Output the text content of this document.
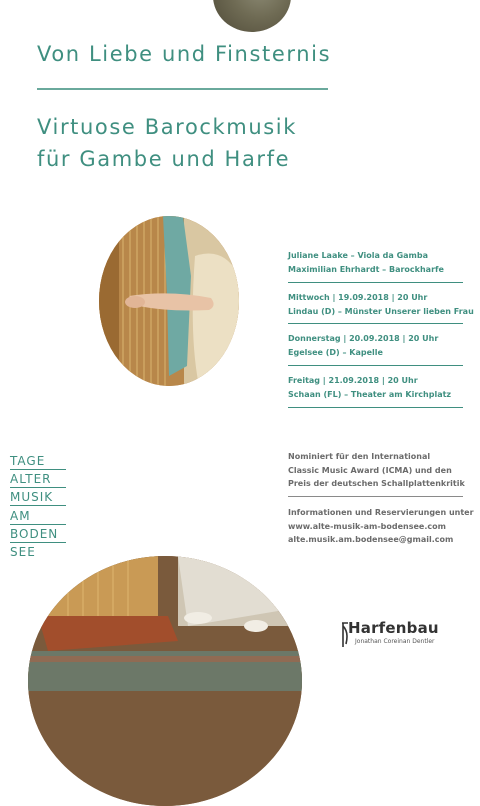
Von Liebe und Finsternis
Virtuose Barockmusik
für Gambe und Harfe
Juliane Laake – Viola da Gamba
Maximilian Ehrhardt – Barockharfe
Mittwoch | 19.09.2018 | 20 Uhr
Lindau (D) – Münster Unserer lieben Frau
Donnerstag | 20.09.2018 | 20 Uhr
Egelsee (D) – Kapelle
Freitag | 21.09.2018 | 20 Uhr
Schaan (FL) – Theater am Kirchplatz
TAGE
ALTER
MUSIK
AM
BODEN
SEE
Nominiert für den International
Classic Music Award (ICMA) und den
Preis der deutschen Schallplattenkritik
Informationen und Reservierungen unter
www.alte-musik-am-bodensee.com
alte.musik.am.bodensee@gmail.com
Harfenbau
Jonathan Coreinan Dentler
